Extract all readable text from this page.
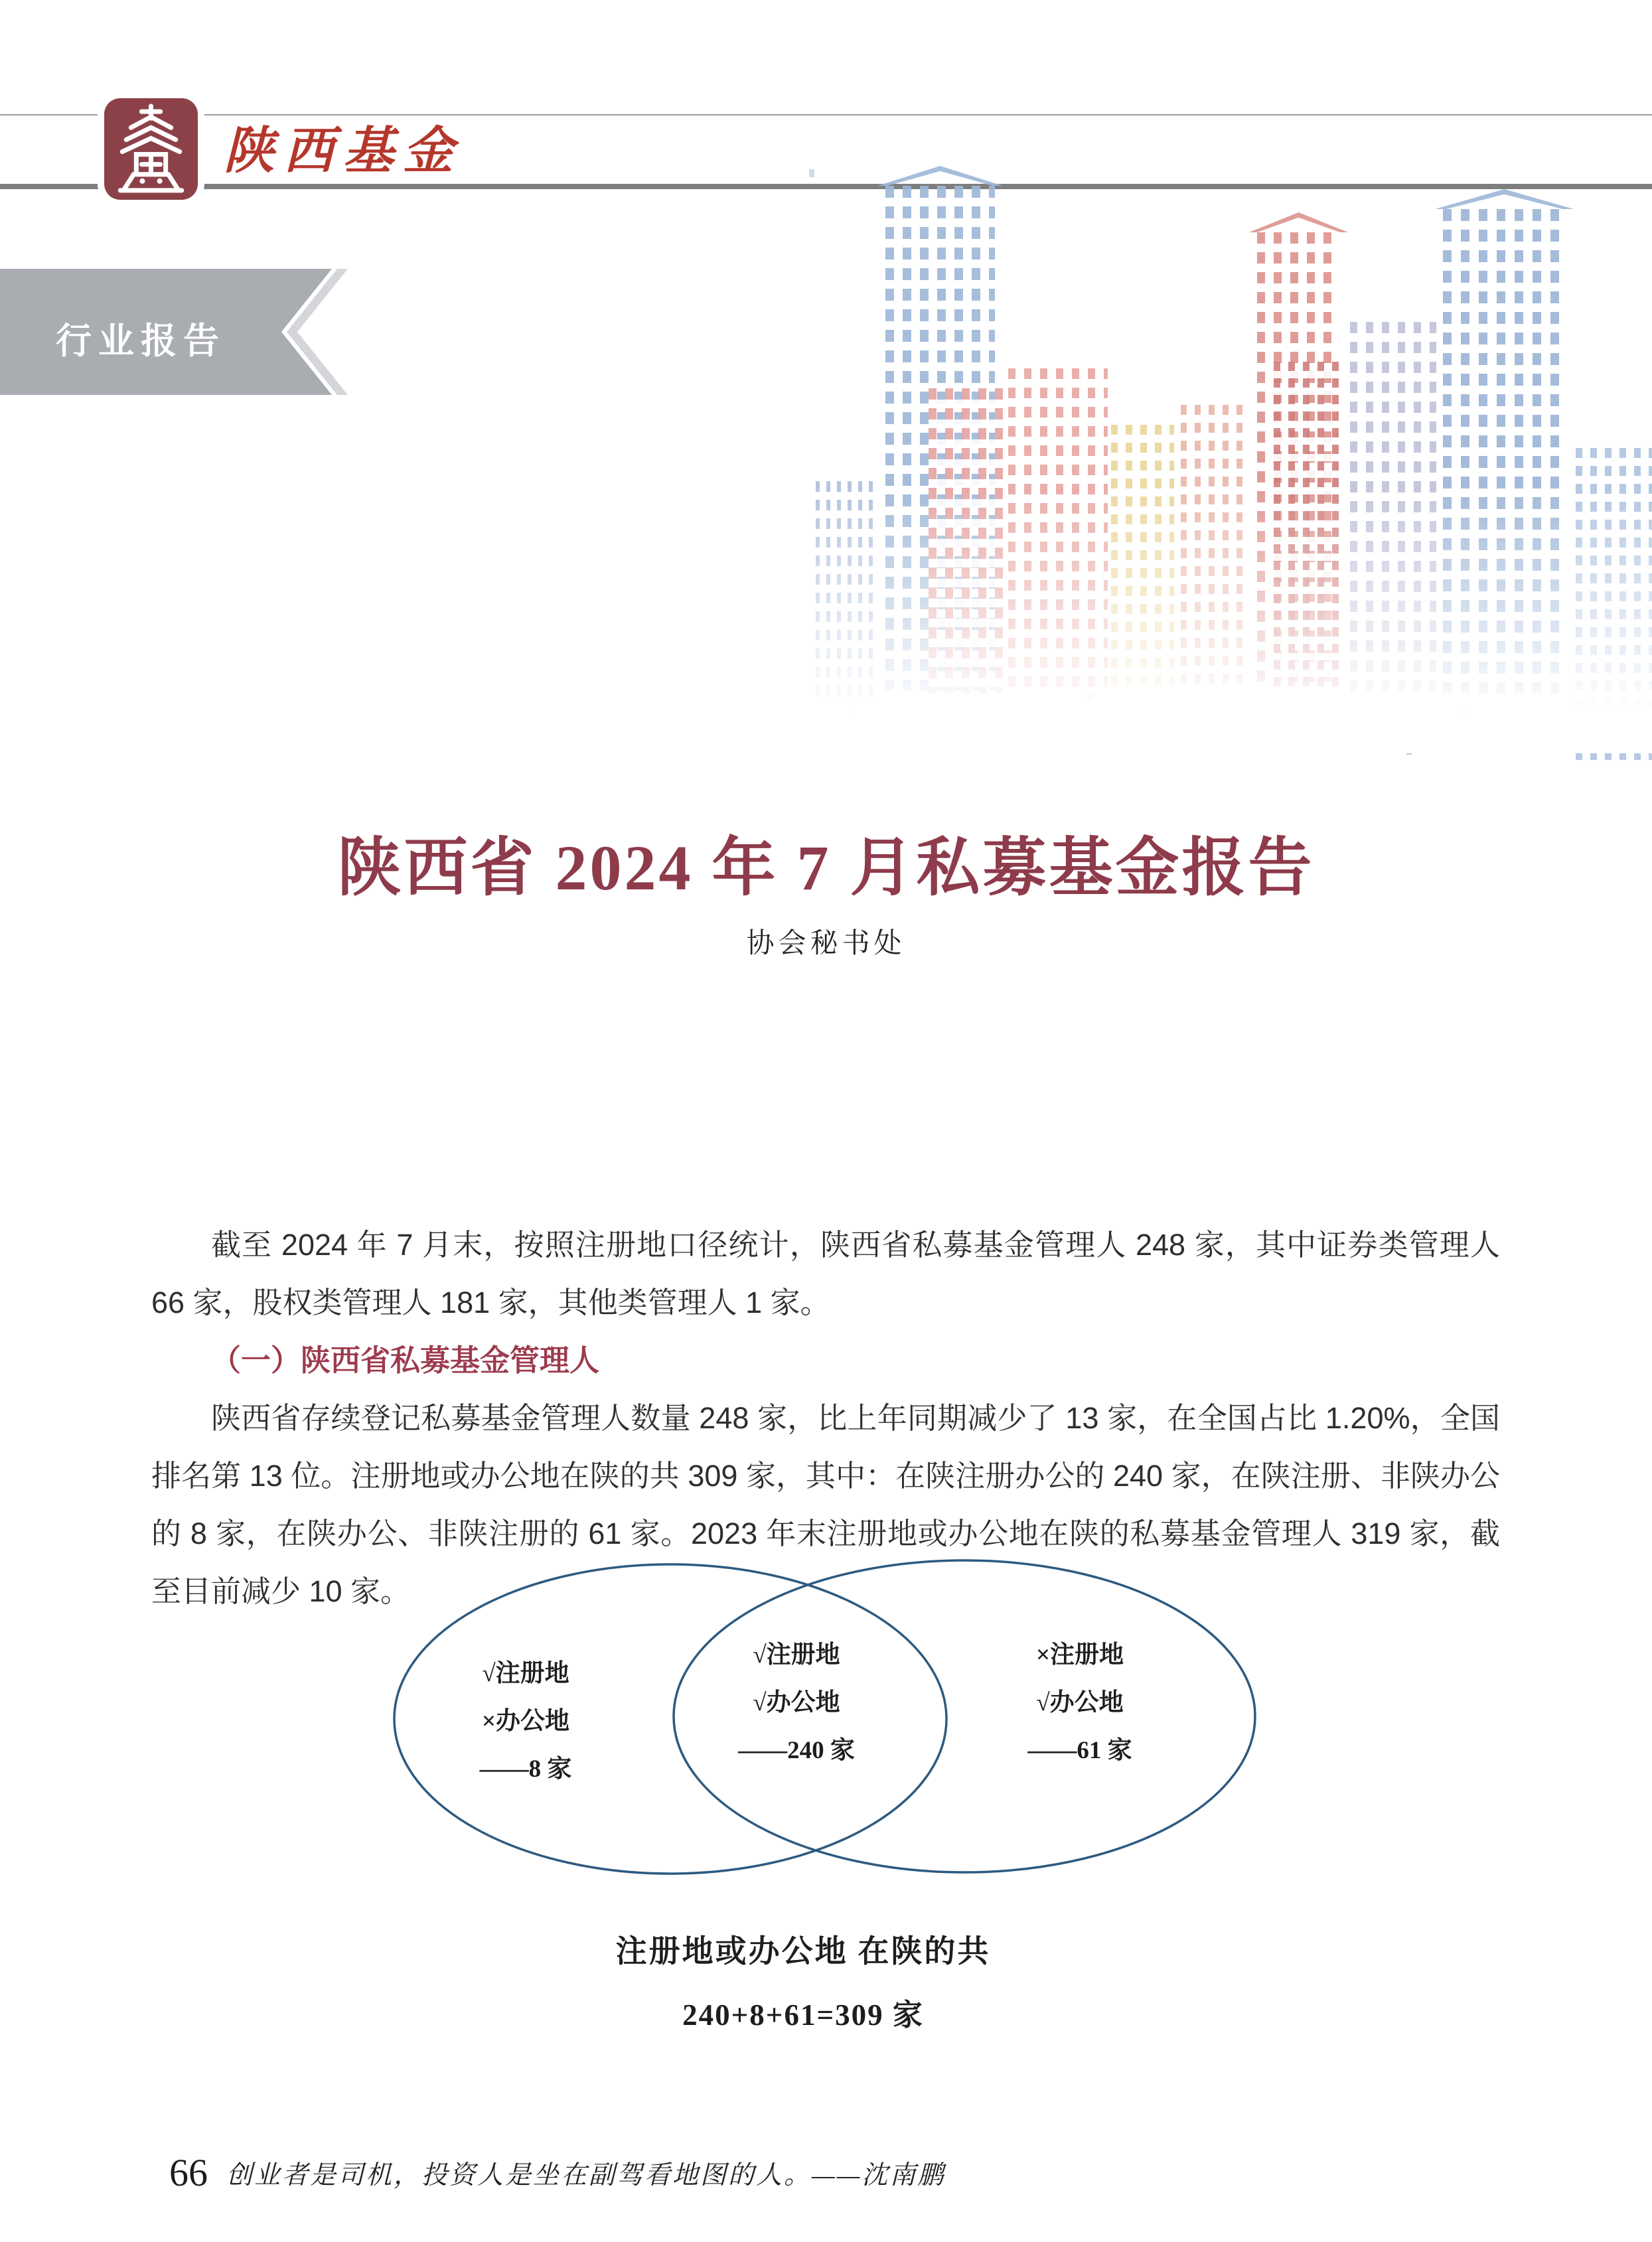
陕西基金
行业报告
陕西省 2024 年 7 月私募基金报告
协会秘书处

截至 2024 年 7 月末，按照注册地口径统计，陕西省私募基金管理人 248 家，其中证券类管理人 66 家，股权类管理人 181 家，其他类管理人 1 家。

（一）陕西省私募基金管理人

陕西省存续登记私募基金管理人数量 248 家，比上年同期减少了 13 家，在全国占比 1.20%，全国排名第 13 位。注册地或办公地在陕的共 309 家，其中：在陕注册办公的 240 家，在陕注册、非陕办公的 8 家，在陕办公、非陕注册的 61 家。2023 年末注册地或办公地在陕的私募基金管理人 319 家，截至目前减少 10 家。

√注册地
×办公地
——8 家
√注册地
√办公地
——240 家
×注册地
√办公地
——61 家
注册地或办公地 在陕的共
240+8+61=309 家
66 创业者是司机，投资人是坐在副驾看地图的人。——沈南鹏
